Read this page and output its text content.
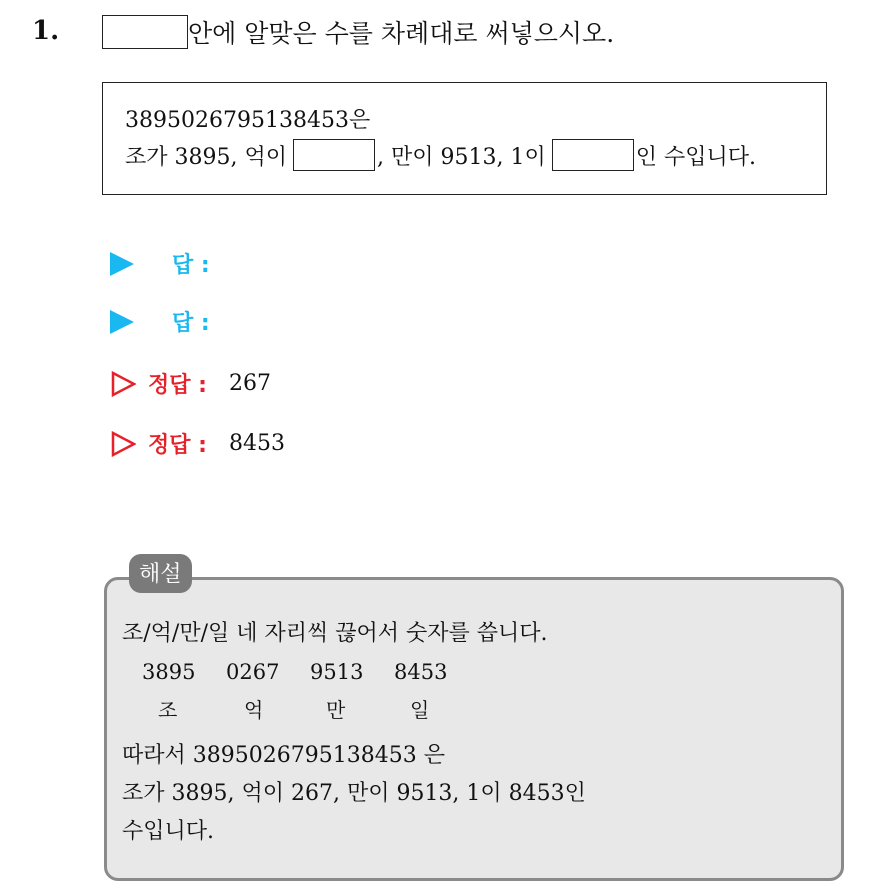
1.	안에 알맞은 수를 차례대로 써넣으시오.
3895026795138453은
조가 3895, 억이	, 만이 9513, 1이	인 수입니다.
답 :
답 :
정답 : 267
정답 : 8453
해설
조/억/만/일 네 자리씩 끊어서 숫자를 씁니다.
3895 0267 9513 8453
조	억	만	일
따라서 3895026795138453 은
조가 3895, 억이 267, 만이 9513, 1이 8453인
수입니다.
